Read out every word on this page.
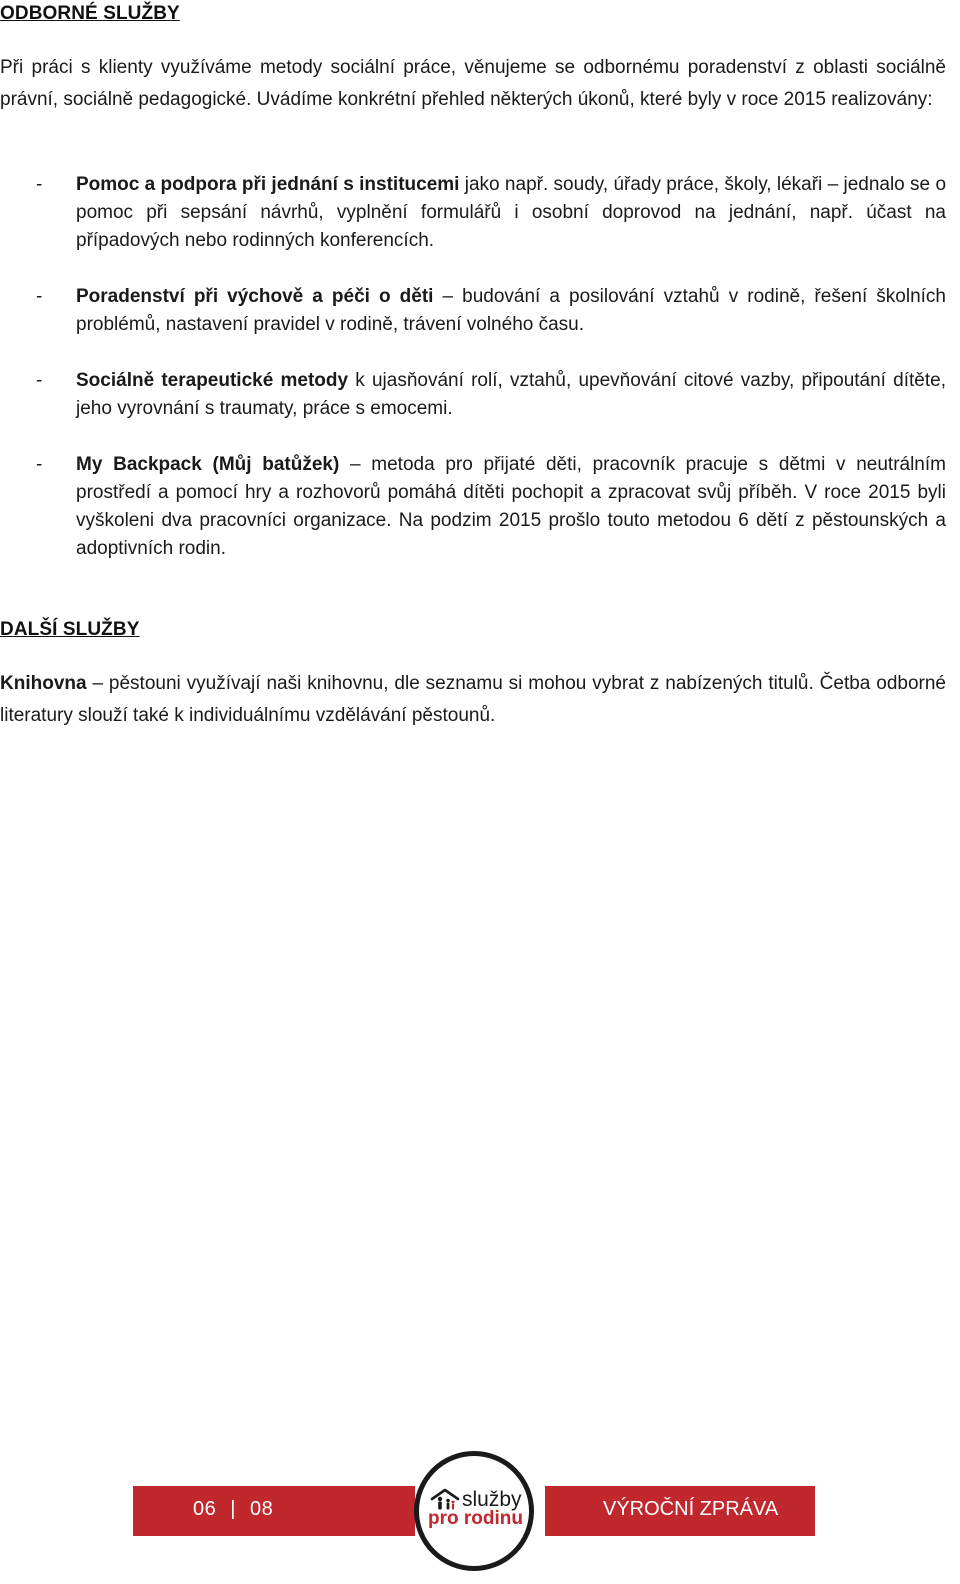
ODBORNÉ SLUŽBY

Při práci s klienty využíváme metody sociální práce, věnujeme se odbornému poradenství z oblasti sociálně právní, sociálně pedagogické. Uvádíme konkrétní přehled některých úkonů, které byly v roce 2015 realizovány:

- Pomoc a podpora při jednání s institucemi jako např. soudy, úřady práce, školy, lékaři – jednalo se o pomoc při sepsání návrhů, vyplnění formulářů i osobní doprovod na jednání, např. účast na případových nebo rodinných konferencích.
- Poradenství při výchově a péči o děti – budování a posilování vztahů v rodině, řešení školních problémů, nastavení pravidel v rodině, trávení volného času.
- Sociálně terapeutické metody k ujasňování rolí, vztahů, upevňování citové vazby, připoutání dítěte, jeho vyrovnání s traumaty, práce s emocemi.
- My Backpack (Můj batůžek) – metoda pro přijaté děti, pracovník pracuje s dětmi v neutrálním prostředí a pomocí hry a rozhovorů pomáhá dítěti pochopit a zpracovat svůj příběh. V roce 2015 byli vyškoleni dva pracovníci organizace. Na podzim 2015 prošlo touto metodou 6 dětí z pěstounských a adoptivních rodin.
DALŠÍ SLUŽBY

Knihovna – pěstouni využívají naši knihovnu, dle seznamu si mohou vybrat z nabízených titulů. Četba odborné literatury slouží také k individuálnímu vzdělávání pěstounů.

06 | 08	VÝROČNÍ ZPRÁVA
služby
pro rodinu
